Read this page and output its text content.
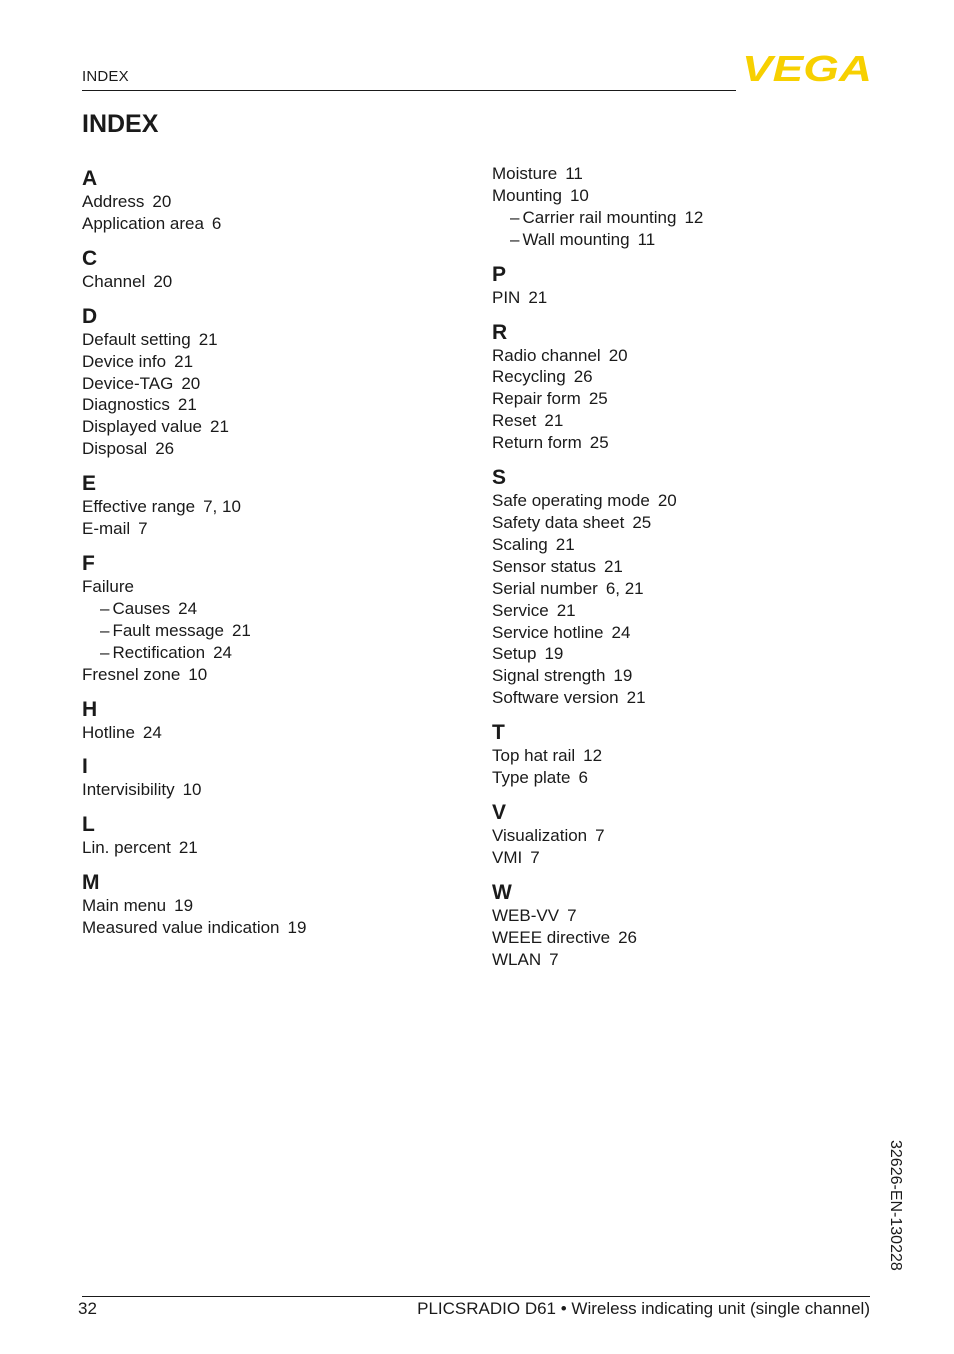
INDEX	VEGA
INDEX
A
Address 20
Application area 6
C
Channel 20
D
Default setting 21
Device info 21
Device-TAG 20
Diagnostics 21
Displayed value 21
Disposal 26
E
Effective range 7, 10
E-mail 7
F
Failure
– Causes 24
– Fault message 21
– Rectification 24
Fresnel zone 10
H
Hotline 24
I
Intervisibility 10
L
Lin. percent 21
M
Main menu 19
Measured value indication 19
Moisture 11
Mounting 10
– Carrier rail mounting 12
– Wall mounting 11
P
PIN 21
R
Radio channel 20
Recycling 26
Repair form 25
Reset 21
Return form 25
S
Safe operating mode 20
Safety data sheet 25
Scaling 21
Sensor status 21
Serial number 6, 21
Service 21
Service hotline 24
Setup 19
Signal strength 19
Software version 21
T
Top hat rail 12
Type plate 6
V
Visualization 7
VMI 7
W
WEB-VV 7
WEEE directive 26
WLAN 7
32	PLICSRADIO D61 • Wireless indicating unit (single channel)
32626-EN-130228
